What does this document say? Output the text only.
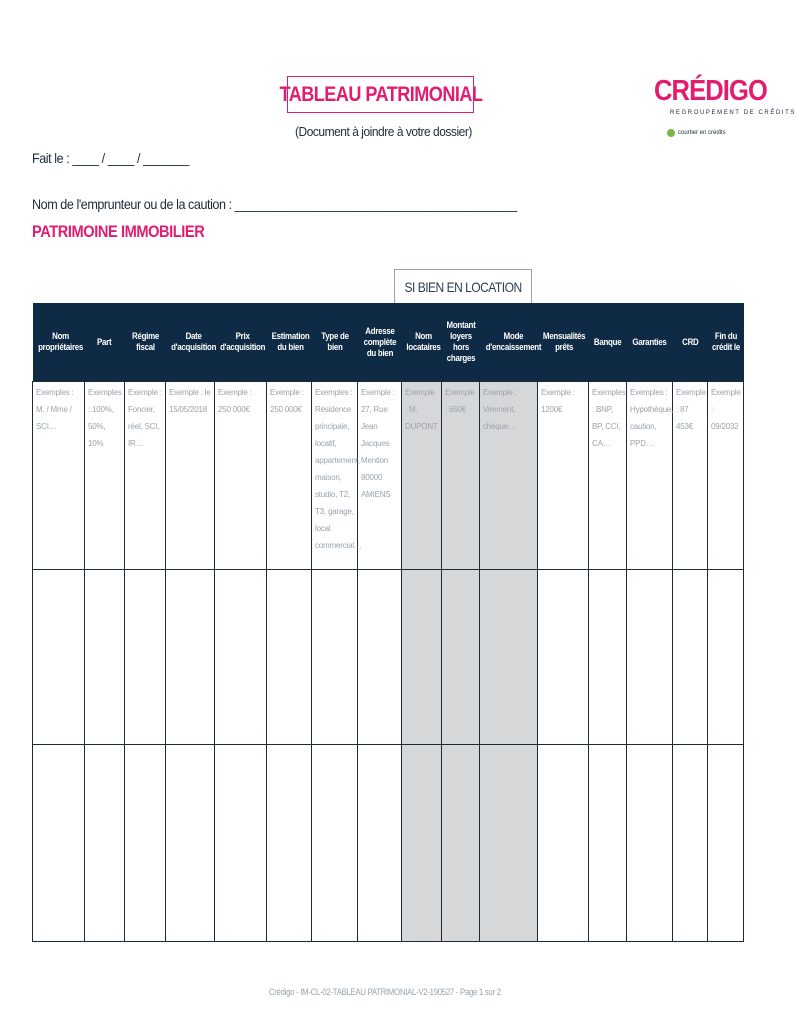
TABLEAU PATRIMONIAL
(Document à joindre à votre dossier)
CRÉDIGO
REGROUPEMENT DE CRÉDITS
courtier en crédits
Fait le : ____ / ____ / _______
Nom de l'emprunteur ou de la caution : ___________________________________________
PATRIMOINE IMMOBILIER
SI BIEN EN LOCATION
Nom propriétaires	Part	Régime fiscal	Date d'acquisition	Prix d'acquisition	Estimation du bien	Type de bien	Adresse complète du bien	Nom locataires	Montant loyers hors charges	Mode d'encaissement	Mensualités prêts	Banque	Garanties	CRD	Fin du crédit le
Exemples : M. / Mme / SCI…	Exemples : 100%, 50%, 10%	Exemple : Foncier, réel, SCI, IR…	Exemple : le 15/05/2018	Exemple : 250 000€	Exemple : 250 000€	Exemples : Résidence principale, locatif, appartement, maison, studio, T2, T3, garage, local commercial…	Exemple : 27, Rue Jean Jacques Mention 80000 AMIENS	Exemple : M. DUPONT	Exemple : 650€	Exemple : Virement, chèque…	Exemple : 1200€	Exemples : BNP, BP, CCI, CA…	Exemples : Hypothèque, caution, PPD…	Exemple : 87 453€	Exemple : 09/2032

Crédigo - IM-CL-02-TABLEAU PATRIMONIAL-V2-190527 - Page 1 sur 2
